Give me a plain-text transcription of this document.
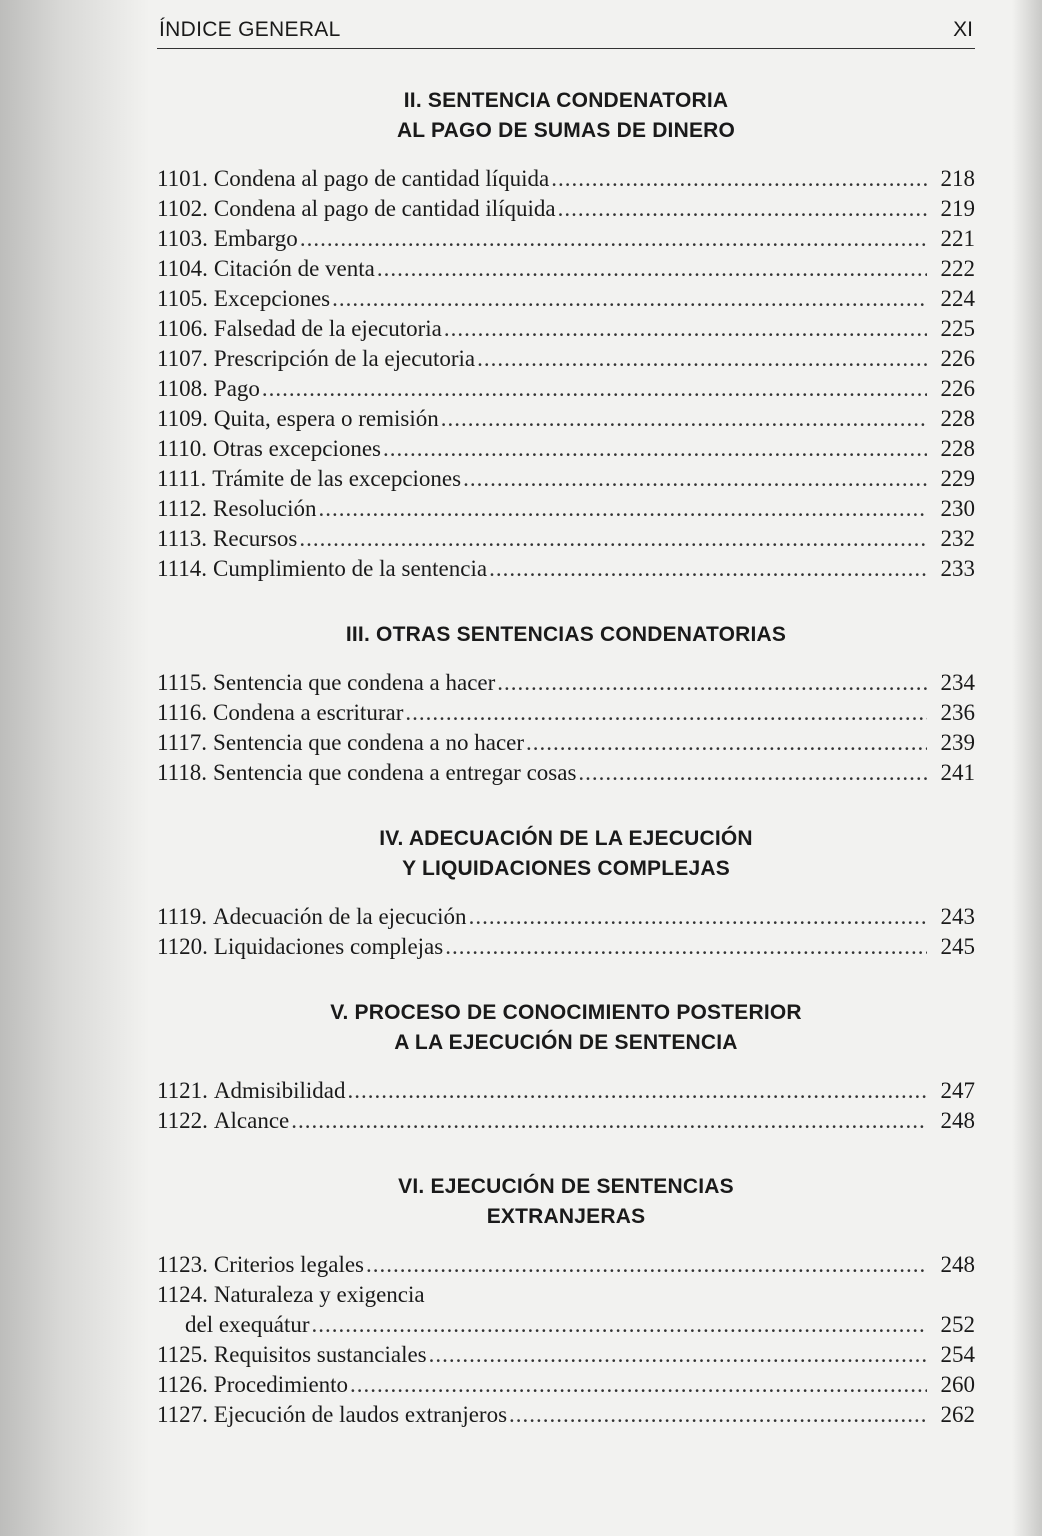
ÍNDICE GENERAL	XI
II. SENTENCIA CONDENATORIA
AL PAGO DE SUMAS DE DINERO
1101. Condena al pago de cantidad líquida .....	218
1102. Condena al pago de cantidad ilíquida .....	219
1103. Embargo .....	221
1104. Citación de venta .....	222
1105. Excepciones .....	224
1106. Falsedad de la ejecutoria .....	225
1107. Prescripción de la ejecutoria .....	226
1108. Pago .....	226
1109. Quita, espera o remisión .....	228
1110. Otras excepciones .....	228
1111. Trámite de las excepciones .....	229
1112. Resolución .....	230
1113. Recursos .....	232
1114. Cumplimiento de la sentencia .....	233
III. OTRAS SENTENCIAS CONDENATORIAS
1115. Sentencia que condena a hacer .....	234
1116. Condena a escriturar .....	236
1117. Sentencia que condena a no hacer .....	239
1118. Sentencia que condena a entregar cosas .....	241
IV. ADECUACIÓN DE LA EJECUCIÓN
Y LIQUIDACIONES COMPLEJAS
1119. Adecuación de la ejecución .....	243
1120. Liquidaciones complejas .....	245
V. PROCESO DE CONOCIMIENTO POSTERIOR
A LA EJECUCIÓN DE SENTENCIA
1121. Admisibilidad .....	247
1122. Alcance .....	248
VI. EJECUCIÓN DE SENTENCIAS
EXTRANJERAS
1123. Criterios legales .....	248
1124. Naturaleza y exigencia
del exequátur .....	252
1125. Requisitos sustanciales .....	254
1126. Procedimiento .....	260
1127. Ejecución de laudos extranjeros .....	262
